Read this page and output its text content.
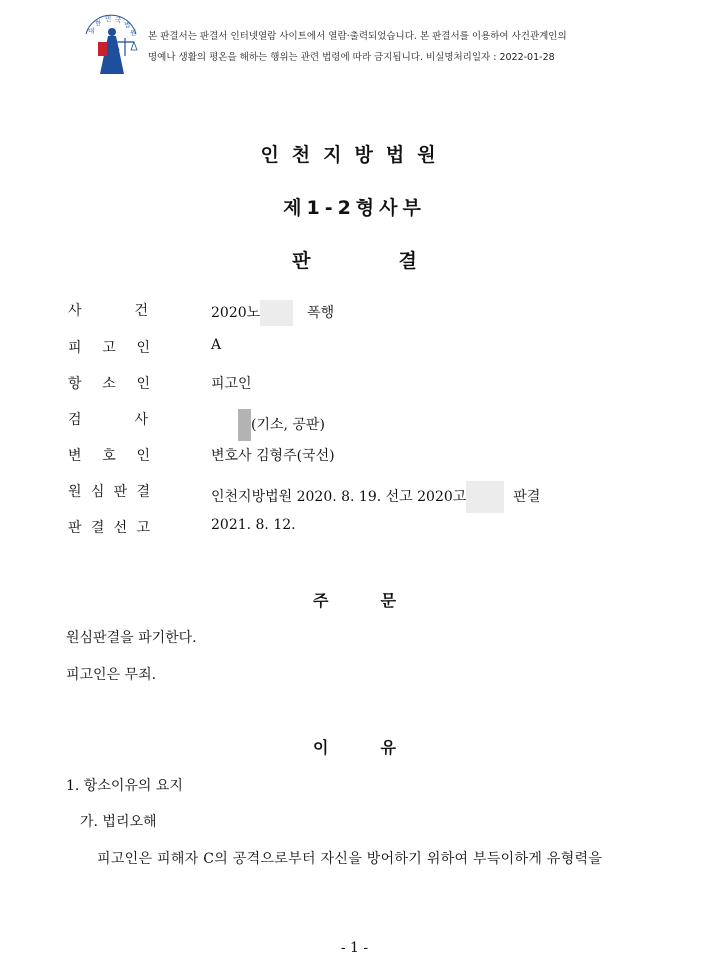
대
한 민 국
법
원 본 판결서는 판결서 인터넷열람 사이트에서 열람·출력되었습니다. 본 판결서를 이용하여 사건관계인의
명예나 생활의 평온을 해하는 행위는 관련 법령에 따라 금지됩니다. 비실명처리일자 : 2022-01-28
인천지방법원
제1-2형사부
판	결
사	건	2020노	폭행
피 고 인	A
항 소 인	피고인
검	사	(기소, 공판)
변 호 인	변호사 김형주(국선)
원 심 판 결	인천지방법원 2020. 8. 19. 선고 2020고	판결
판 결 선 고	2021. 8. 12.
주	문
원심판결을 파기한다.
피고인은 무죄.
이	유
1. 항소이유의 요지
가. 법리오해
피고인은 피해자 C의 공격으로부터 자신을 방어하기 위하여 부득이하게 유형력을
- 1 -
